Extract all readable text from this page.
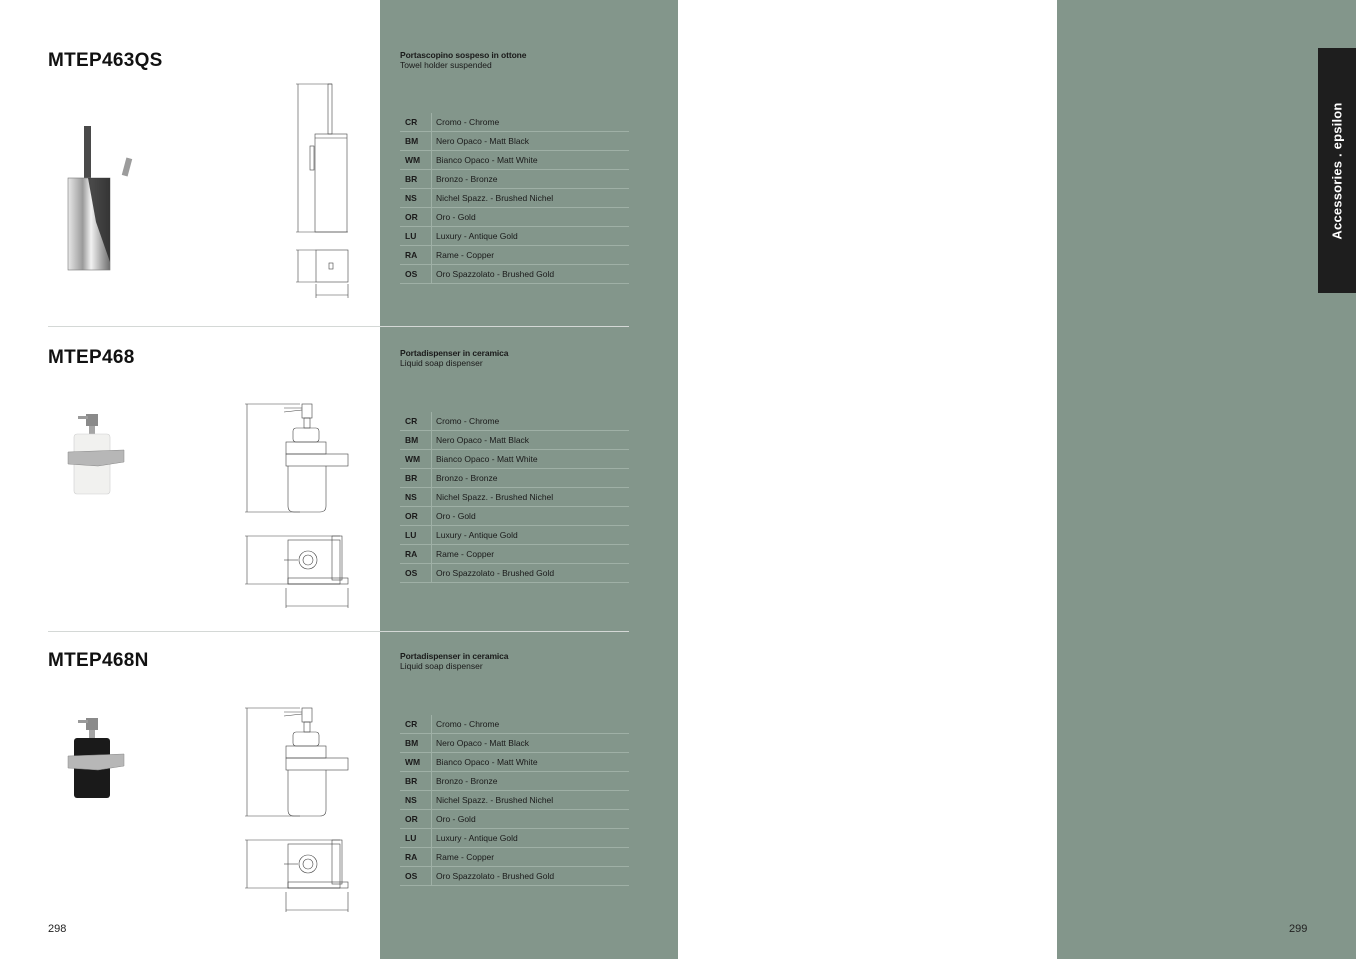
Accessories . epsilon
MTEP463QS	Portascopino sospeso in ottone
Towel holder suspended
CR	Cromo - Chrome
BM	Nero Opaco - Matt Black
WM	Bianco Opaco - Matt White
BR	Bronzo - Bronze
NS	Nichel Spazz. - Brushed Nichel
OR	Oro - Gold
LU	Luxury - Antique Gold
RA	Rame - Copper
OS	Oro Spazzolato - Brushed Gold
MTEP468	Portadispenser in ceramica
Liquid soap dispenser
CR	Cromo - Chrome
BM	Nero Opaco - Matt Black
WM	Bianco Opaco - Matt White
BR	Bronzo - Bronze
NS	Nichel Spazz. - Brushed Nichel
OR	Oro - Gold
LU	Luxury - Antique Gold
RA	Rame - Copper
OS	Oro Spazzolato - Brushed Gold
MTEP468N	Portadispenser in ceramica
Liquid soap dispenser
CR	Cromo - Chrome
BM	Nero Opaco - Matt Black
WM	Bianco Opaco - Matt White
BR	Bronzo - Bronze
NS	Nichel Spazz. - Brushed Nichel
OR	Oro - Gold
LU	Luxury - Antique Gold
RA	Rame - Copper
OS	Oro Spazzolato - Brushed Gold
298	299
